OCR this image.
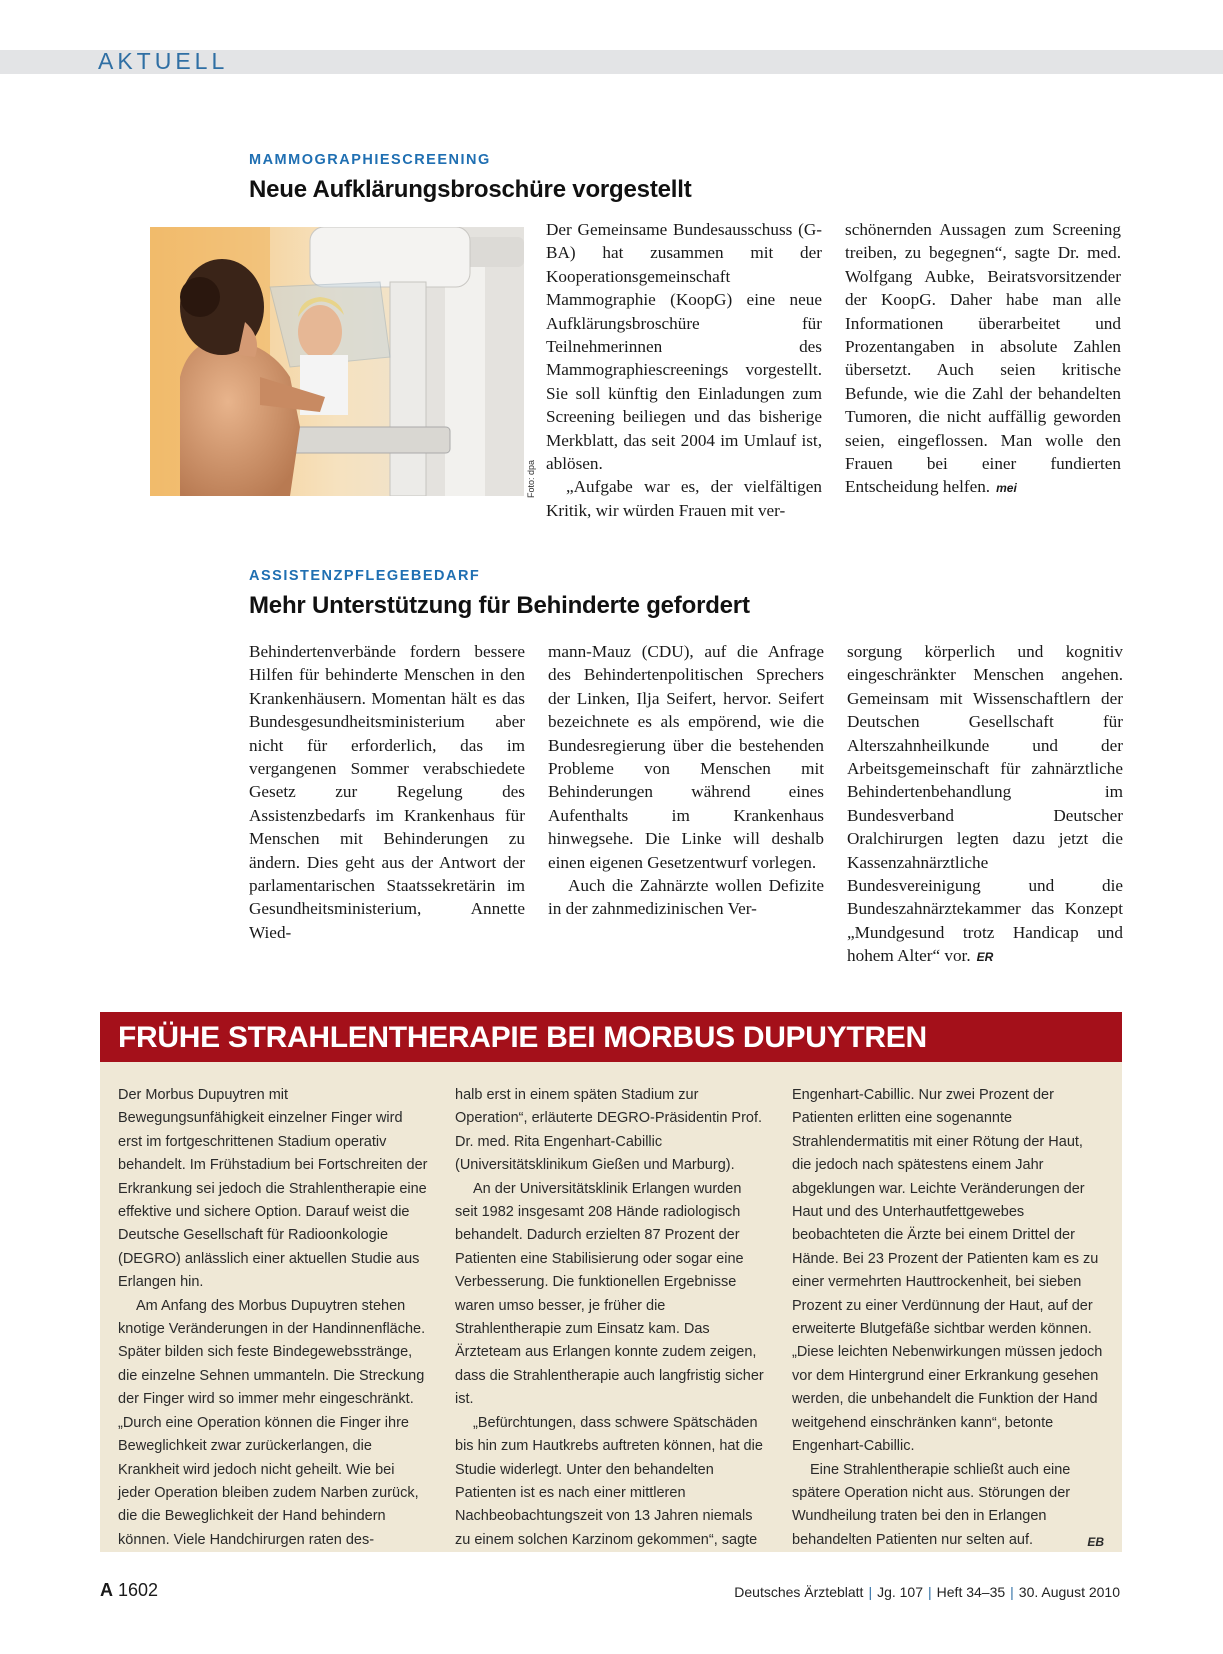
AKTUELL
MAMMOGRAPHIESCREENING
Neue Aufklärungsbroschüre vorgestellt
Foto: dpa

Der Gemeinsame Bundesausschuss (G-BA) hat zusammen mit der Kooperationsgemeinschaft Mammographie (KoopG) eine neue Aufklärungsbroschüre für Teilnehmerinnen des Mammographiescreenings vorgestellt. Sie soll künftig den Einladungen zum Screening beiliegen und das bisherige Merkblatt, das seit 2004 im Umlauf ist, ablösen.

„Aufgabe war es, der vielfältigen Kritik, wir würden Frauen mit ver-

schönernden Aussagen zum Screening treiben, zu begegnen“, sagte Dr. med. Wolfgang Aubke, Beiratsvorsitzender der KoopG. Daher habe man alle Informationen überarbeitet und Prozentangaben in absolute Zahlen übersetzt. Auch seien kritische Befunde, wie die Zahl der behandelten Tumoren, die nicht auffällig geworden seien, eingeflossen. Man wolle den Frauen bei einer fundierten Entscheidung helfen. mei

ASSISTENZPFLEGEBEDARF
Mehr Unterstützung für Behinderte gefordert

Behindertenverbände fordern bessere Hilfen für behinderte Menschen in den Krankenhäusern. Momentan hält es das Bundesgesundheitsministerium aber nicht für erforderlich, das im vergangenen Sommer verabschiedete Gesetz zur Regelung des Assistenzbedarfs im Krankenhaus für Menschen mit Behinderungen zu ändern. Dies geht aus der Antwort der parlamentarischen Staatssekretärin im Gesundheitsministerium, Annette Wied-

mann-Mauz (CDU), auf die Anfrage des Behindertenpolitischen Sprechers der Linken, Ilja Seifert, hervor. Seifert bezeichnete es als empörend, wie die Bundesregierung über die bestehenden Probleme von Menschen mit Behinderungen während eines Aufenthalts im Krankenhaus hinwegsehe. Die Linke will deshalb einen eigenen Gesetzentwurf vorlegen.

Auch die Zahnärzte wollen Defizite in der zahnmedizinischen Ver-

sorgung körperlich und kognitiv eingeschränkter Menschen angehen. Gemeinsam mit Wissenschaftlern der Deutschen Gesellschaft für Alterszahnheilkunde und der Arbeitsgemeinschaft für zahnärztliche Behindertenbehandlung im Bundesverband Deutscher Oralchirurgen legten dazu jetzt die Kassenzahnärztliche Bundesvereinigung und die Bundeszahnärztekammer das Konzept „Mundgesund trotz Handicap und hohem Alter“ vor. ER

FRÜHE STRAHLENTHERAPIE BEI MORBUS DUPUYTREN

Der Morbus Dupuytren mit Bewegungsunfähigkeit einzelner Finger wird erst im fortgeschrittenen Stadium operativ behandelt. Im Frühstadium bei Fortschreiten der Erkrankung sei jedoch die Strahlentherapie eine effektive und sichere Option. Darauf weist die Deutsche Gesellschaft für Radioonkologie (DEGRO) anlässlich einer aktuellen Studie aus Erlangen hin.

Am Anfang des Morbus Dupuytren stehen knotige Veränderungen in der Handinnenfläche. Später bilden sich feste Bindegewebsstränge, die einzelne Sehnen ummanteln. Die Streckung der Finger wird so immer mehr eingeschränkt. „Durch eine Operation können die Finger ihre Beweglichkeit zwar zurückerlangen, die Krankheit wird jedoch nicht geheilt. Wie bei jeder Operation bleiben zudem Narben zurück, die die Beweglichkeit der Hand behindern können. Viele Handchirurgen raten des-

halb erst in einem späten Stadium zur Operation“, erläuterte DEGRO-Präsidentin Prof. Dr. med. Rita Engenhart-Cabillic (Universitätsklinikum Gießen und Marburg).

An der Universitätsklinik Erlangen wurden seit 1982 insgesamt 208 Hände radiologisch behandelt. Dadurch erzielten 87 Prozent der Patienten eine Stabilisierung oder sogar eine Verbesserung. Die funktionellen Ergebnisse waren umso besser, je früher die Strahlentherapie zum Einsatz kam. Das Ärzteteam aus Erlangen konnte zudem zeigen, dass die Strahlentherapie auch langfristig sicher ist.

„Befürchtungen, dass schwere Spätschäden bis hin zum Hautkrebs auftreten können, hat die Studie widerlegt. Unter den behandelten Patienten ist es nach einer mittleren Nachbeobachtungszeit von 13 Jahren niemals zu einem solchen Karzinom gekommen“, sagte

Engenhart-Cabillic. Nur zwei Prozent der Patienten erlitten eine sogenannte Strahlendermatitis mit einer Rötung der Haut, die jedoch nach spätestens einem Jahr abgeklungen war. Leichte Veränderungen der Haut und des Unterhautfettgewebes beobachteten die Ärzte bei einem Drittel der Hände. Bei 23 Prozent der Patienten kam es zu einer vermehrten Hauttrockenheit, bei sieben Prozent zu einer Verdünnung der Haut, auf der erweiterte Blutgefäße sichtbar werden können. „Diese leichten Nebenwirkungen müssen jedoch vor dem Hintergrund einer Erkrankung gesehen werden, die unbehandelt die Funktion der Hand weitgehend einschränken kann“, betonte Engenhart-Cabillic.

Eine Strahlentherapie schließt auch eine spätere Operation nicht aus. Störungen der Wundheilung traten bei den in Erlangen behandelten Patienten nur selten auf.	EB

A 1602	Deutsches Ärzteblatt | Jg. 107 | Heft 34–35 | 30. August 2010
